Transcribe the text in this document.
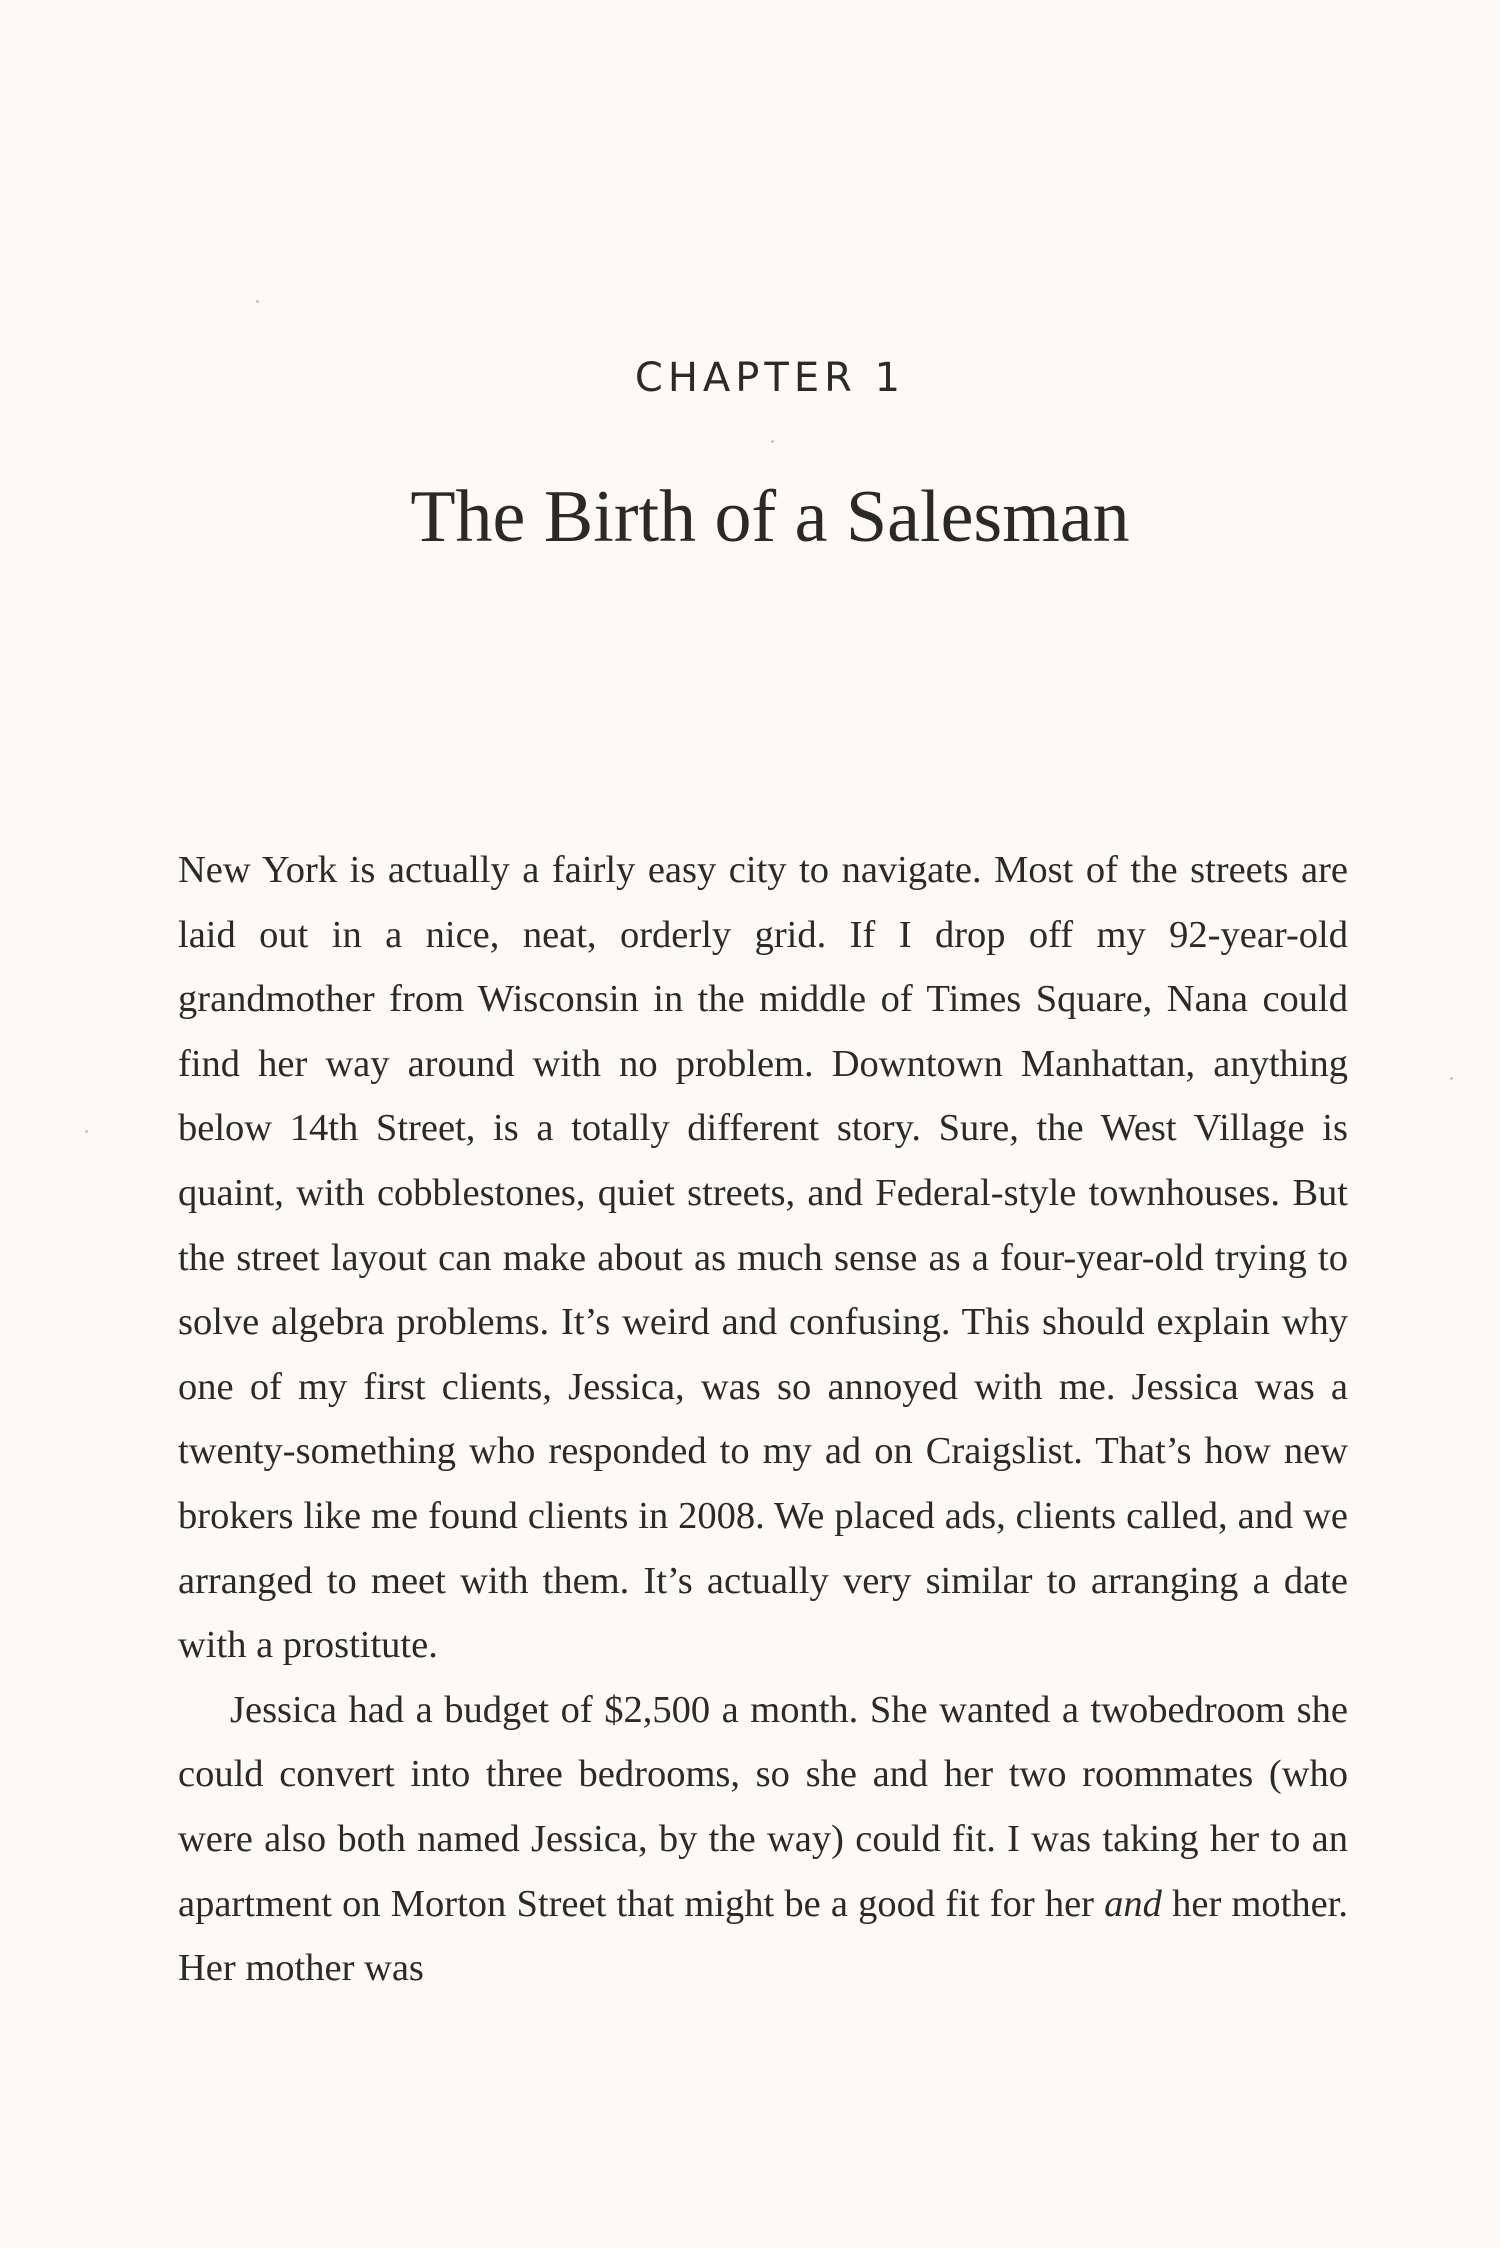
CHAPTER 1
The Birth of a Salesman

New York is actually a fairly easy city to navigate. Most of the streets are laid out in a nice, neat, orderly grid. If I drop off my 92-year-old grandmother from Wisconsin in the middle of Times Square, Nana could find her way around with no problem. Downtown Manhattan, anything below 14th Street, is a totally different story. Sure, the West Village is quaint, with cobblestones, quiet streets, and Federal-style townhouses. But the street layout can make about as much sense as a four-year-old trying to solve algebra problems. It’s weird and confusing. This should explain why one of my first clients, Jessica, was so annoyed with me. Jessica was a twenty-something who responded to my ad on Craigslist. That’s how new brokers like me found clients in 2008. We placed ads, clients called, and we arranged to meet with them. It’s actually very similar to arranging a date with a prostitute.

Jessica had a budget of $2,500 a month. She wanted a twobedroom she could convert into three bedrooms, so she and her two roommates (who were also both named Jessica, by the way) could fit. I was taking her to an apartment on Morton Street that might be a good fit for her and her mother. Her mother was
